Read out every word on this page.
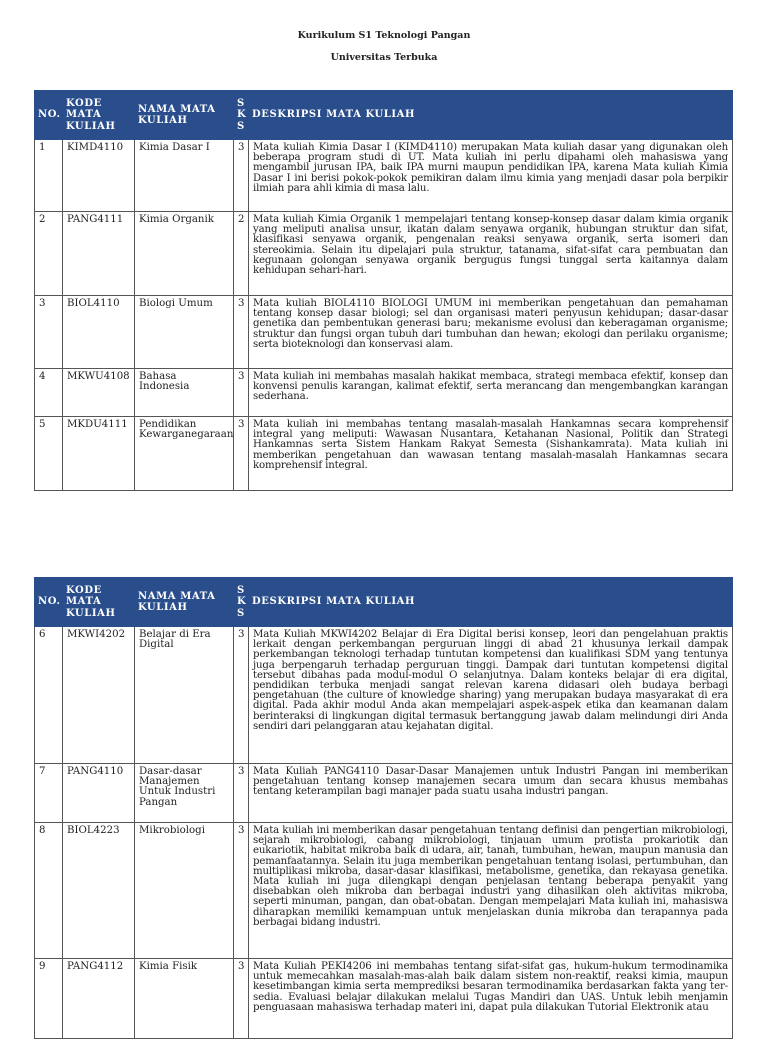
Kurikulum S1 Teknologi Pangan
Universitas Terbuka
NO.	KODE MATA KULIAH	NAMA MATA KULIAH	S K S	DESKRIPSI MATA KULIAH
1	KIMD4110	Kimia Dasar I	3	Mata kuliah Kimia Dasar I (KIMD4110) merupakan Mata kuliah dasar yang digunakan oleh beberapa program studi di UT. Mata kuliah ini perlu dipahami oleh mahasiswa yang mengambil jurusan IPA, baik IPA murni maupun pendidikan IPA, karena Mata kuliah Kimia Dasar I ini berisi pokok-pokok pemikiran dalam ilmu kimia yang menjadi dasar pola berpikir ilmiah para ahli kimia di masa lalu.
2	PANG4111	Kimia Organik	2	Mata kuliah Kimia Organik 1 mempelajari tentang konsep-konsep dasar dalam kimia organik yang meliputi analisa unsur, ikatan dalam senyawa organik, hubungan struktur dan sifat, klasifikasi senyawa organik, pengenalan reaksi senyawa organik, serta isomeri dan stereokimia. Selain itu dipelajari pula struktur, tatanama, sifat-sifat cara pembuatan dan kegunaan golongan senyawa organik bergugus fungsi tunggal serta kaitannya dalam kehidupan sehari-hari.
3	BIOL4110	Biologi Umum	3	Mata kuliah BIOL4110 BIOLOGI UMUM ini memberikan pengetahuan dan pemahaman tentang konsep dasar biologi; sel dan organisasi materi penyusun kehidupan; dasar-dasar genetika dan pembentukan generasi baru; mekanisme evolusi dan keberagaman organisme; struktur dan fungsi organ tubuh dari tumbuhan dan hewan; ekologi dan perilaku organisme; serta bioteknologi dan konservasi alam.
4	MKWU4108	Bahasa Indonesia	3	Mata kuliah ini membahas masalah hakikat membaca, strategi membaca efektif, konsep dan konvensi penulis karangan, kalimat efektif, serta merancang dan mengembangkan karangan sederhana.
5	MKDU4111	Pendidikan Kewarganegaraan	3	Mata kuliah ini membahas tentang masalah-masalah Hankamnas secara komprehensif integral yang meliputi: Wawasan Nusantara, Ketahanan Nasional, Politik dan Strategi Hankamnas serta Sistem Hankam Rakyat Semesta (Sishankamrata). Mata kuliah ini memberikan pengetahuan dan wawasan tentang masalah-masalah Hankamnas secara komprehensif integral.
NO.	KODE MATA KULIAH	NAMA MATA KULIAH	S K S	DESKRIPSI MATA KULIAH
6	MKWI4202	Belajar di Era Digital	3	Mata Kuliah MKWI4202 Belajar di Era Digital berisi konsep, leori dan pengelahuan praktis lerkait dengan perkembangan perguruan linggi di abad 21 khusunya lerkail dampak perkembangan teknologi terhadap tuntutan kompetensi dan kualifikasi SDM yang tentunya juga berpengaruh terhadap perguruan tinggi. Dampak dari tuntutan kompetensi digital tersebut dibahas pada modul-modul O selanjutnya. Dalam konteks belajar di era digital, pendidikan terbuka menjadi sangat relevan karena didasari oleh budaya berbagi pengetahuan (the culture of knowledge sharing) yang merupakan budaya masyarakat di era digital. Pada akhir modul Anda akan mempelajari aspek-aspek etika dan keamanan dalam berinteraksi di lingkungan digital termasuk bertanggung jawab dalam melindungi diri Anda sendiri dari pelanggaran atau kejahatan digital.
7	PANG4110	Dasar-dasar Manajemen Untuk Industri Pangan	3	Mata Kuliah PANG4110 Dasar-Dasar Manajemen untuk Industri Pangan ini memberikan pengetahuan tentang konsep manajemen secara umum dan secara khusus membahas tentang keterampilan bagi manajer pada suatu usaha industri pangan.
8	BIOL4223	Mikrobiologi	3	Mata kuliah ini memberikan dasar pengetahuan tentang definisi dan pengertian mikrobiologi, sejarah mikrobiologi, cabang mikrobiologi, tinjauan umum protista prokariotik dan eukariotik, habitat mikroba baik di udara, air, tanah, tumbuhan, hewan, maupun manusia dan pemanfaatannya. Selain itu juga memberikan pengetahuan tentang isolasi, pertumbuhan, dan multiplikasi mikroba, dasar-dasar klasifikasi, metabolisme, genetika, dan rekayasa genetika. Mata kuliah ini juga dilengkapi dengan penjelasan tentang beberapa penyakit yang disebabkan oleh mikroba dan berbagai industri yang dihasilkan oleh aktivitas mikroba, seperti minuman, pangan, dan obat-obatan. Dengan mempelajari Mata kuliah ini, mahasiswa diharapkan memiliki kemampuan untuk menjelaskan dunia mikroba dan terapannya pada berbagai bidang industri.
9	PANG4112	Kimia Fisik	3	Mata Kuliah PEKI4206 ini membahas tentang sifat-sifat gas, hukum-hukum termodinamika untuk memecahkan masalah-mas-alah baik dalam sistem non-reaktif, reaksi kimia, maupun kesetimbangan kimia serta memprediksi besaran termodinamika berdasarkan fakta yang ter-sedia. Evaluasi belajar dilakukan melalui Tugas Mandiri dan UAS. Untuk lebih menjamin penguasaan mahasiswa terhadap materi ini, dapat pula dilakukan Tutorial Elektronik atau
